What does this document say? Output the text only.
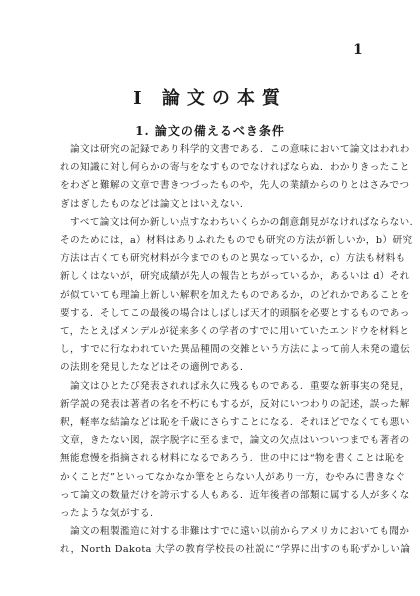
1
I 論文の本質
1. 論文の備えるべき条件

論文は研究の記録であり科学的文書である．この意味において論文はわれわ
れの知識に対し何らかの寄与をなすものでなければならぬ．わかりきったこと
をわざと難解の文章で書きつづったものや，先人の業績からのりとはさみでつ
ぎはぎしたものなどは論文とはいえない．

すべて論文は何か新しい点すなわちいくらかの創意創見がなければならない．
そのためには，a）材料はありふれたものでも研究の方法が新しいか，b）研究
方法は古くても研究材料が今までのものと異なっているか，c）方法も材料も
新しくはないが，研究成績が先人の報告とちがっているか，あるいは d）それ
が似ていても理論上新しい解釈を加えたものであるか，のどれかであることを
要する．そしてこの最後の場合はしばしば天才的頭脳を必要とするものであっ
て，たとえばメンデルが従来多くの学者のすでに用いていたエンドウを材料と
し，すでに行なわれていた異品種間の交雑という方法によって前人未発の遺伝
の法則を発見したなどはその適例である．

論文はひとたび発表されれば永久に残るものである．重要な新事実の発見，
新学説の発表は著者の名を不朽にもするが，反対にいつわりの記述，誤った解
釈，軽率な結論などは恥を千歳にさらすことになる．それほどでなくても悪い
文章，きたない図，誤字脱字に至るまで，論文の欠点はいついつまでも著者の
無能怠慢を指摘される材料になるであろう．世の中には“物を書くことは恥を
かくことだ”といってなかなか筆をとらない人があり一方，むやみに書きなぐ
って論文の数量だけを誇示する人もある．近年後者の部類に属する人が多くな
ったような気がする．

論文の粗製濫造に対する非難はすでに遠い以前からアメリカにおいても聞か
れ，North Dakota 大学の教育学校長の社説に“学界に出すのも恥ずかしい論
